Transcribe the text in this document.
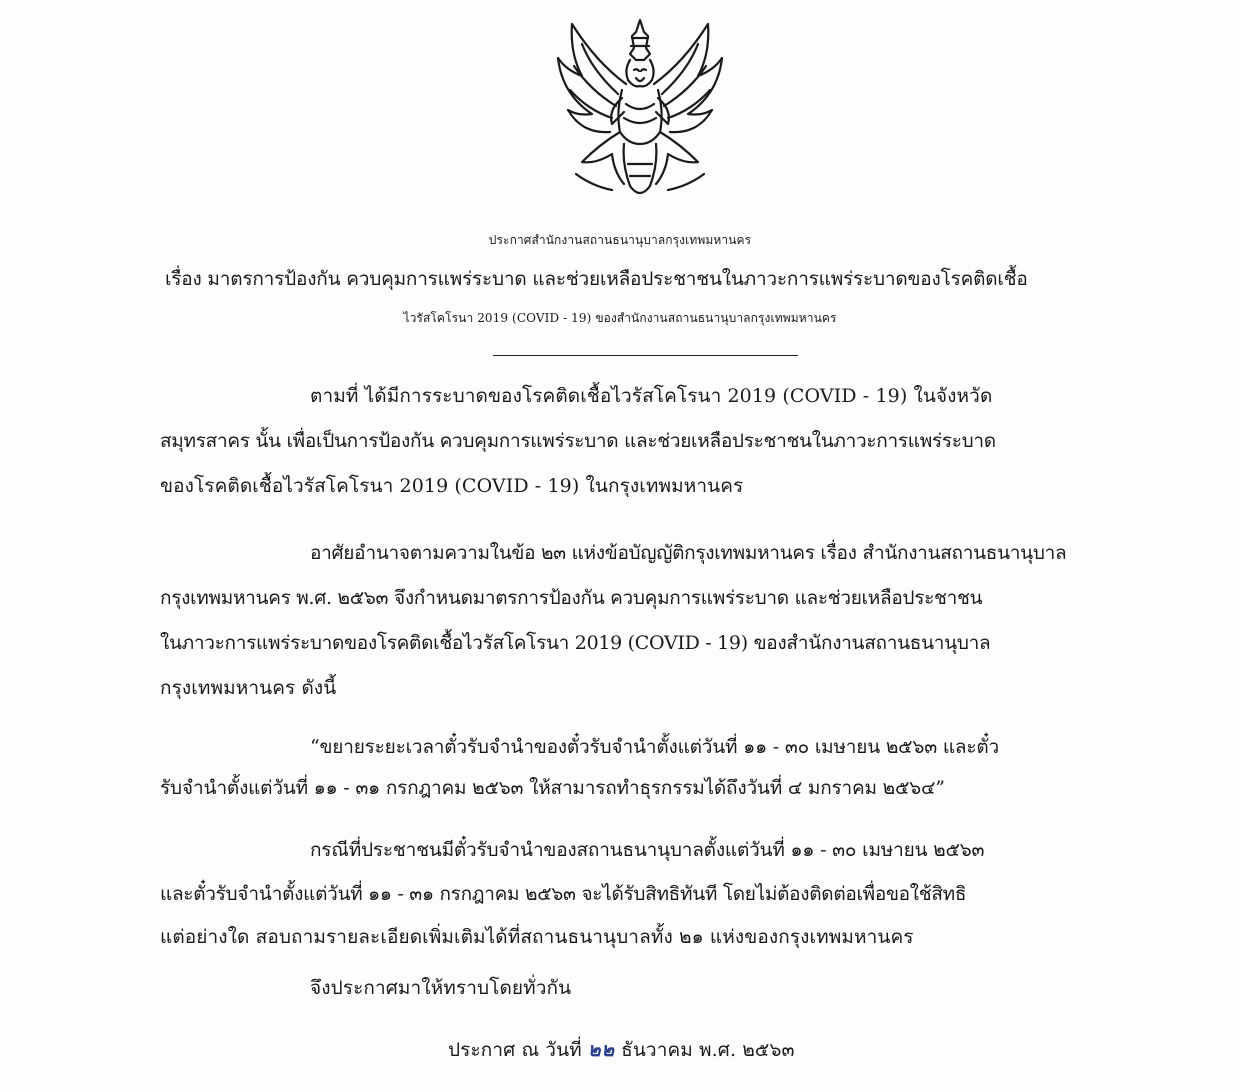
ประกาศสำนักงานสถานธนานุบาลกรุงเทพมหานคร
เรื่อง มาตรการป้องกัน ควบคุมการแพร่ระบาด และช่วยเหลือประชาชนในภาวะการแพร่ระบาดของโรคติดเชื้อ
ไวรัสโคโรนา 2019 (COVID - 19) ของสำนักงานสถานธนานุบาลกรุงเทพมหานคร
ตามที่ ได้มีการระบาดของโรคติดเชื้อไวรัสโคโรนา 2019 (COVID - 19) ในจังหวัด
สมุทรสาคร นั้น เพื่อเป็นการป้องกัน ควบคุมการแพร่ระบาด และช่วยเหลือประชาชนในภาวะการแพร่ระบาด
ของโรคติดเชื้อไวรัสโคโรนา 2019 (COVID - 19) ในกรุงเทพมหานคร
อาศัยอำนาจตามความในข้อ ๒๓ แห่งข้อบัญญัติกรุงเทพมหานคร เรื่อง สำนักงานสถานธนานุบาล
กรุงเทพมหานคร พ.ศ. ๒๕๖๓ จึงกำหนดมาตรการป้องกัน ควบคุมการแพร่ระบาด และช่วยเหลือประชาชน
ในภาวะการแพร่ระบาดของโรคติดเชื้อไวรัสโคโรนา 2019 (COVID - 19) ของสำนักงานสถานธนานุบาล
กรุงเทพมหานคร ดังนี้
“ขยายระยะเวลาตั๋วรับจำนำของตั๋วรับจำนำตั้งแต่วันที่ ๑๑ - ๓๐ เมษายน ๒๕๖๓ และตั๋ว
รับจำนำตั้งแต่วันที่ ๑๑ - ๓๑ กรกฎาคม ๒๕๖๓ ให้สามารถทำธุรกรรมได้ถึงวันที่ ๔ มกราคม ๒๕๖๔”
กรณีที่ประชาชนมีตั๋วรับจำนำของสถานธนานุบาลตั้งแต่วันที่ ๑๑ - ๓๐ เมษายน ๒๕๖๓
และตั๋วรับจำนำตั้งแต่วันที่ ๑๑ - ๓๑ กรกฎาคม ๒๕๖๓ จะได้รับสิทธิทันที โดยไม่ต้องติดต่อเพื่อขอใช้สิทธิ
แต่อย่างใด สอบถามรายละเอียดเพิ่มเติมได้ที่สถานธนานุบาลทั้ง ๒๑ แห่งของกรุงเทพมหานคร
จึงประกาศมาให้ทราบโดยทั่วกัน
ประกาศ ณ วันที่ ๒๒ ธันวาคม พ.ศ. ๒๕๖๓
